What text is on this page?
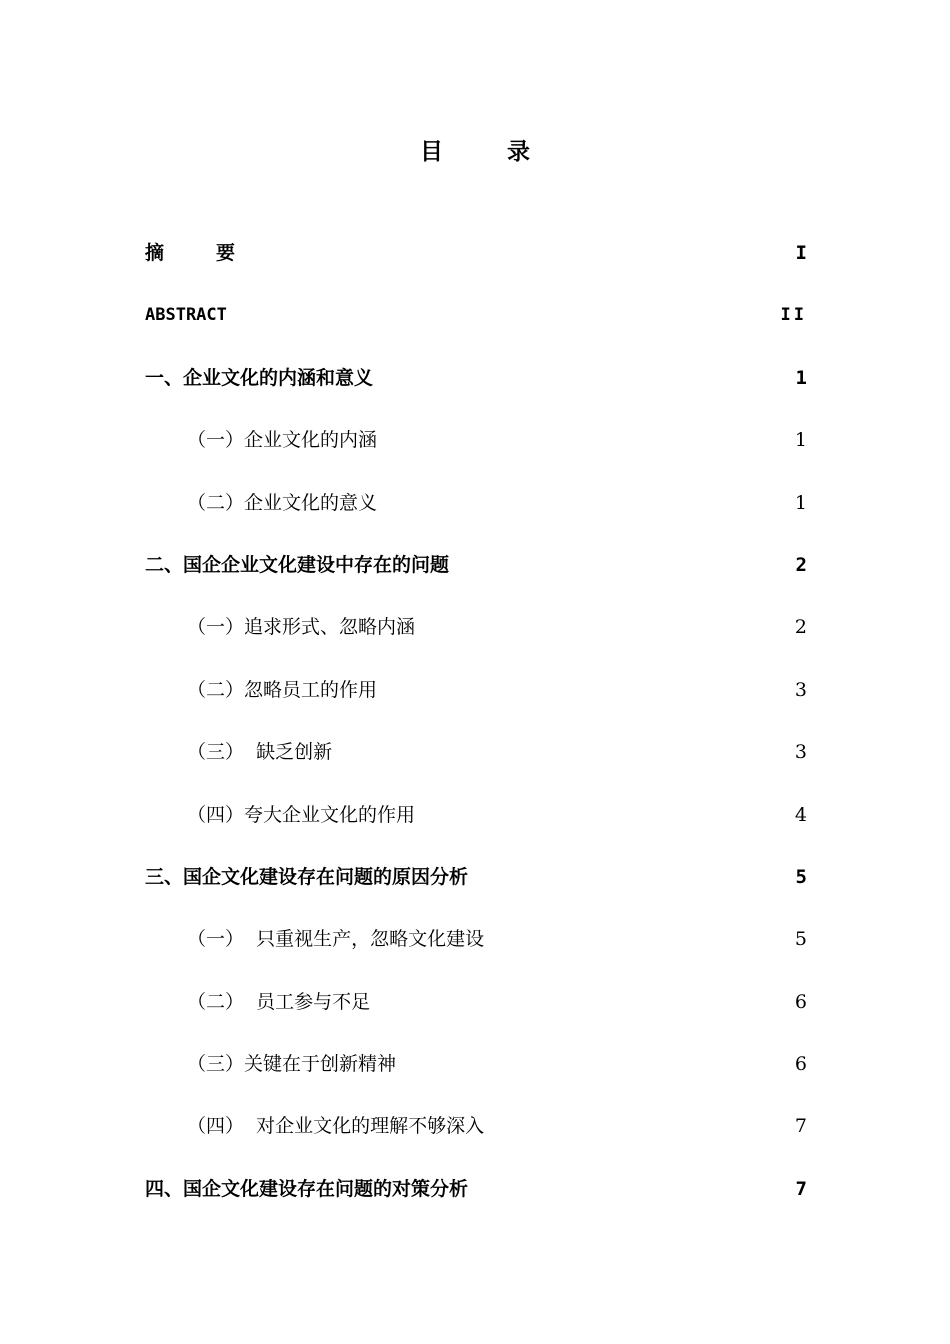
目 录
摘要	I
ABSTRACT	II
一、企业文化的内涵和意义	1
（一）企业文化的内涵	1
（二）企业文化的意义	1
二、国企企业文化建设中存在的问题	2
（一）追求形式、忽略内涵	2
（二）忽略员工的作用	3
（三）  缺乏创新	3
（四）夸大企业文化的作用	4
三、国企文化建设存在问题的原因分析	5
（一）  只重视生产，忽略文化建设	5
（二）  员工参与不足	6
（三）关键在于创新精神	6
（四）  对企业文化的理解不够深入	7
四、国企文化建设存在问题的对策分析	7
